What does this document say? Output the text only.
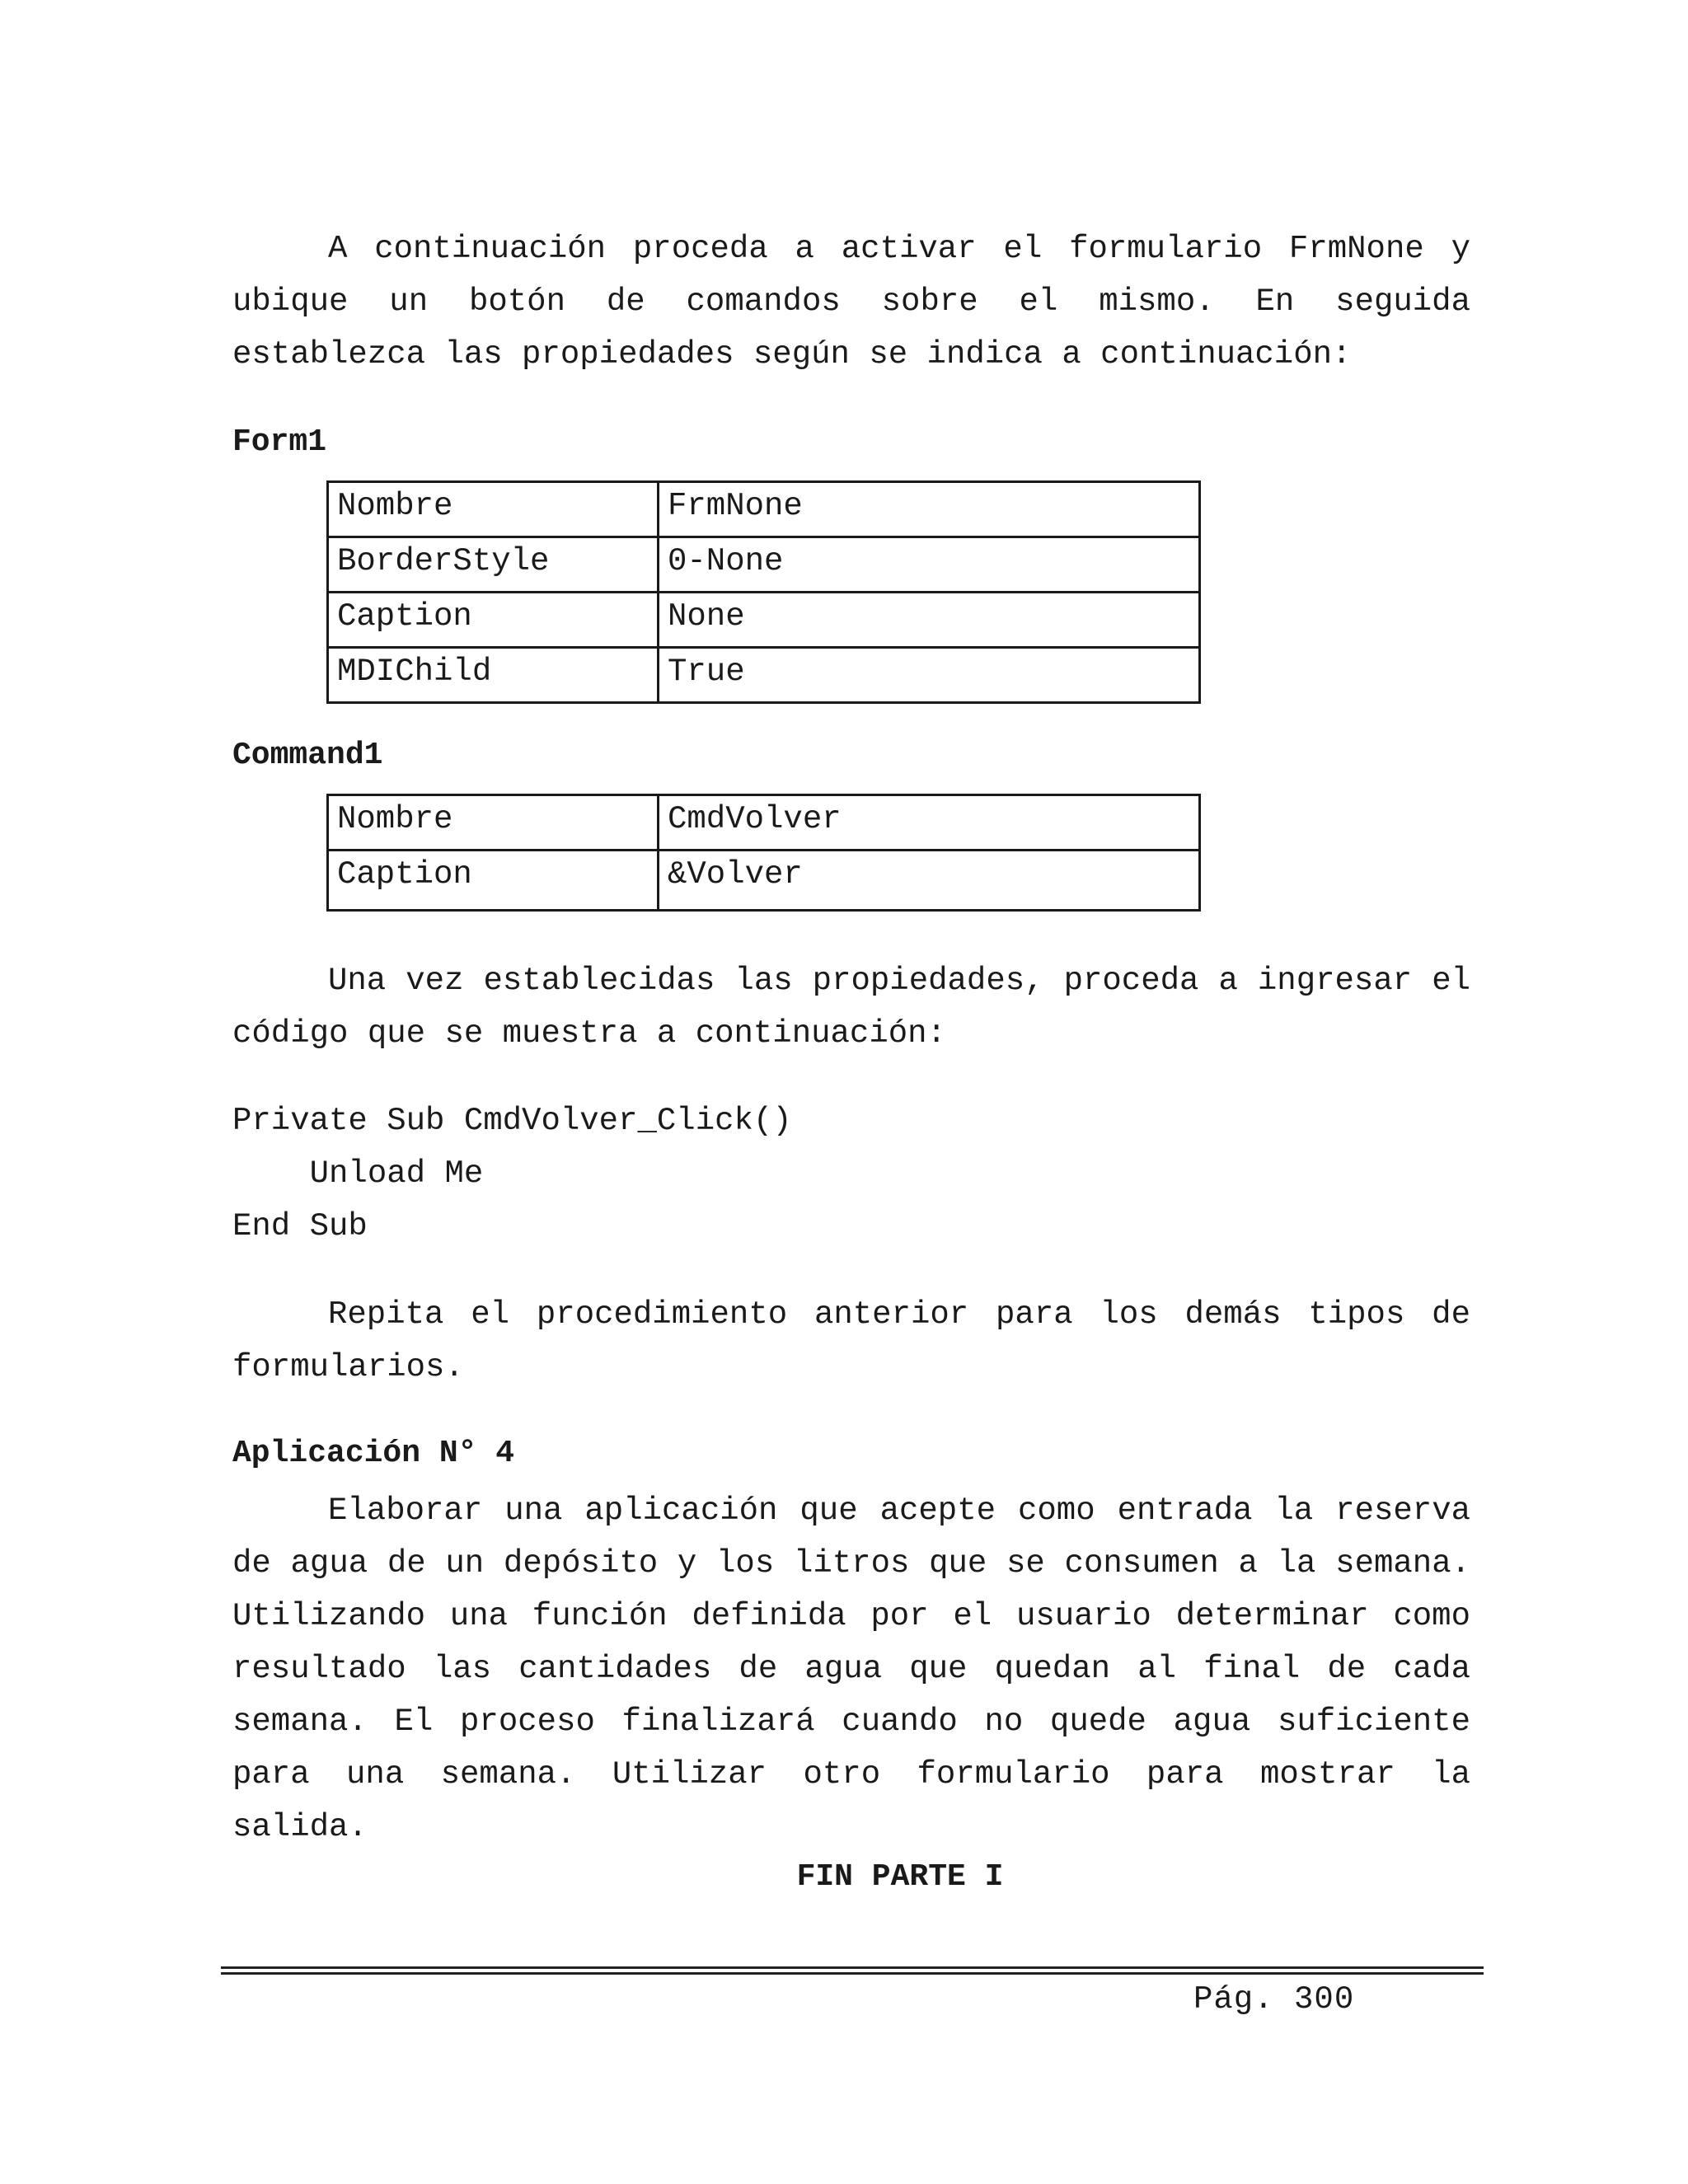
A continuación proceda a activar el formulario FrmNone y ubique un botón de comandos sobre el mismo. En seguida establezca las propiedades según se indica a continuación:

Form1
Nombre	FrmNone
BorderStyle	0-None
Caption	None
MDIChild	True
Command1
Nombre	CmdVolver
Caption	&Volver

Una vez establecidas las propiedades, proceda a ingresar el código que se muestra a continuación:

Private Sub CmdVolver_Click()
Unload Me
End Sub

Repita el procedimiento anterior para los demás tipos de formularios.

Aplicación N° 4

Elaborar una aplicación que acepte como entrada la reserva de agua de un depósito y los litros que se consumen a la semana. Utilizando una función definida por el usuario determinar como resultado las cantidades de agua que quedan al final de cada semana. El proceso finalizará cuando no quede agua suficiente para una semana. Utilizar otro formulario para mostrar la salida.

FIN PARTE I
Pág. 300
